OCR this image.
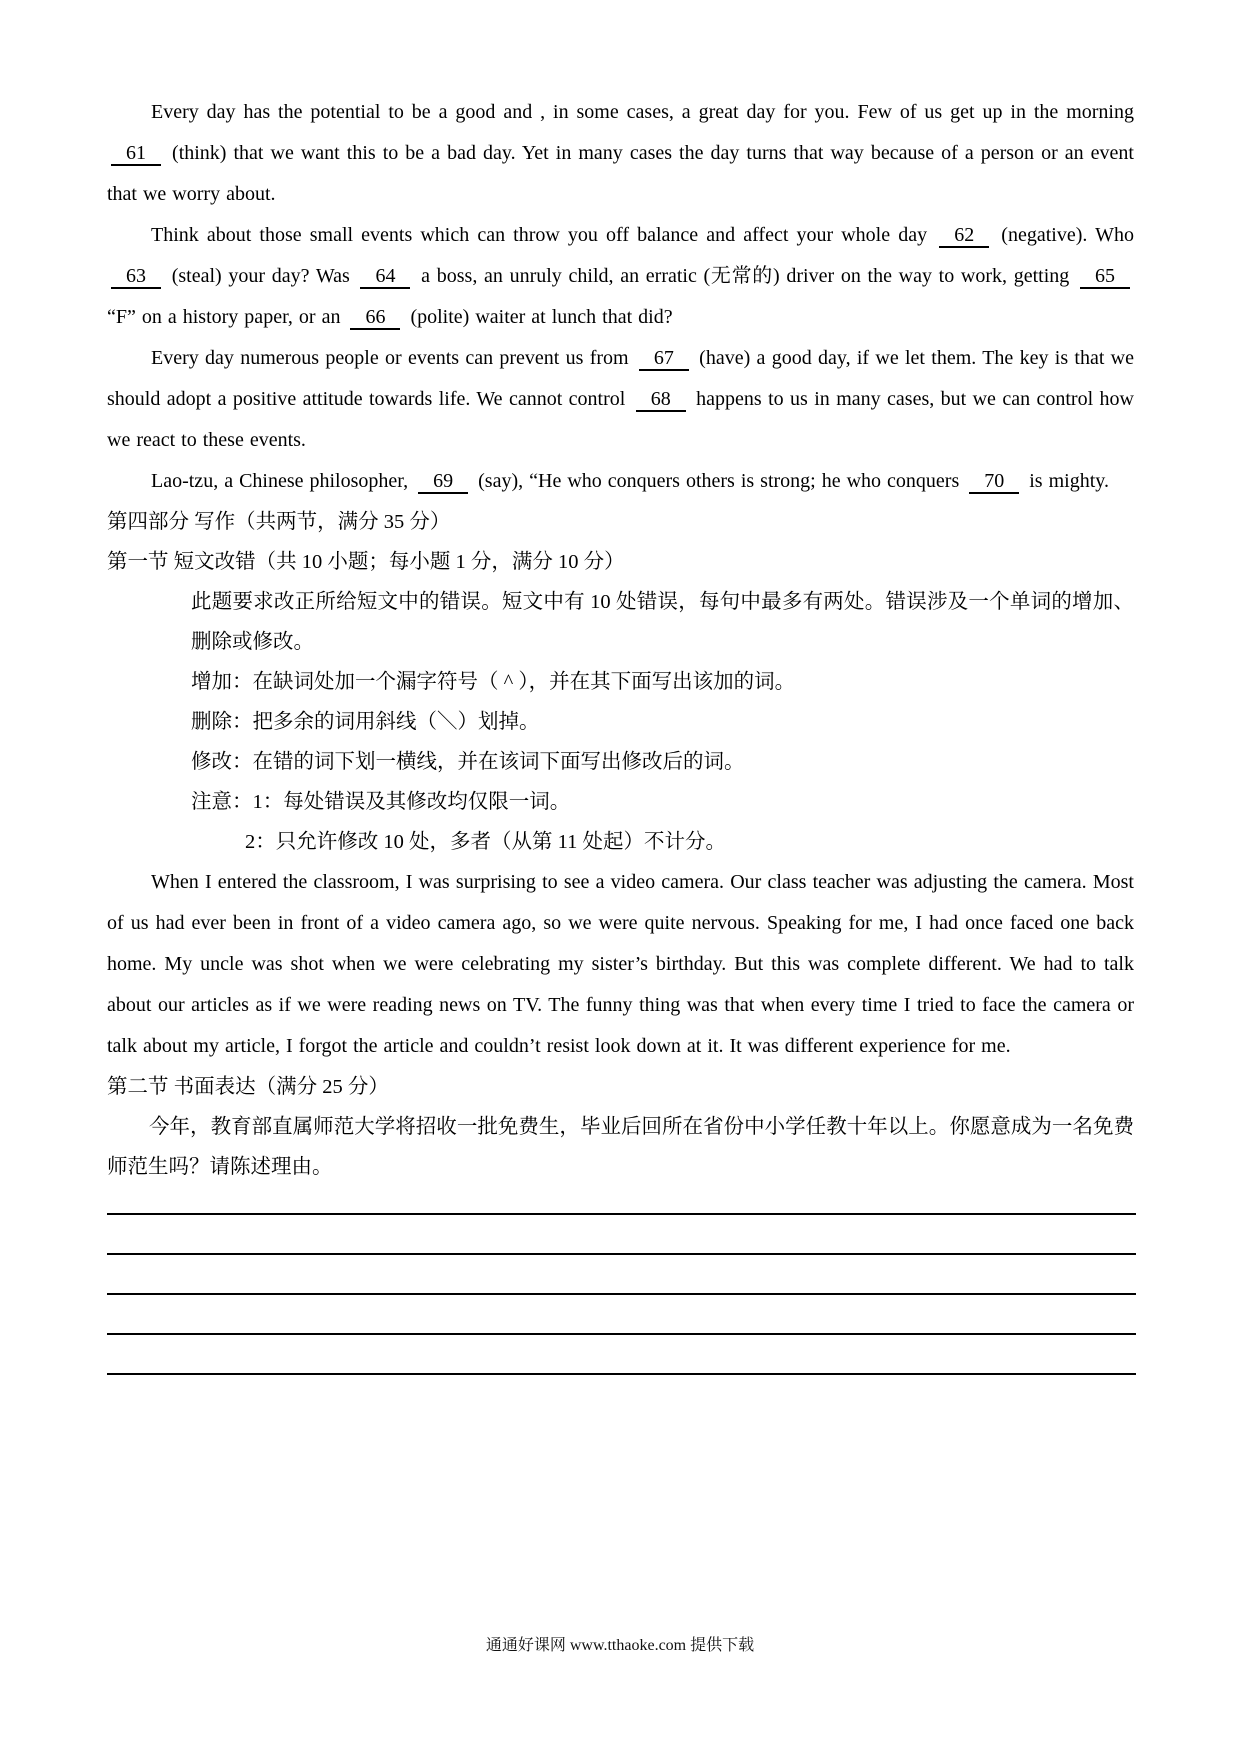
Every day has the potential to be a good and , in some cases, a great day for you. Few of us get up in the morning 61 (think) that we want this to be a bad day. Yet in many cases the day turns that way because of a person or an event that we worry about.

Think about those small events which can throw you off balance and affect your whole day 62 (negative). Who 63 (steal) your day? Was 64 a boss, an unruly child, an erratic (无常的) driver on the way to work, getting 65 “F” on a history paper, or an 66 (polite) waiter at lunch that did?

Every day numerous people or events can prevent us from 67 (have) a good day, if we let them. The key is that we should adopt a positive attitude towards life. We cannot control 68 happens to us in many cases, but we can control how we react to these events.

Lao-tzu, a Chinese philosopher, 69 (say), “He who conquers others is strong; he who conquers 70 is mighty.

第四部分 写作（共两节，满分 35 分）

第一节 短文改错（共 10 小题；每小题 1 分，满分 10 分）

此题要求改正所给短文中的错误。短文中有 10 处错误，每句中最多有两处。错误涉及一个单词的增加、删除或修改。

增加：在缺词处加一个漏字符号（ ^ ），并在其下面写出该加的词。

删除：把多余的词用斜线（＼）划掉。

修改：在错的词下划一横线，并在该词下面写出修改后的词。

注意：1：每处错误及其修改均仅限一词。

2：只允许修改 10 处，多者（从第 11 处起）不计分。

When I entered the classroom, I was surprising to see a video camera. Our class teacher was adjusting the camera. Most of us had ever been in front of a video camera ago, so we were quite nervous. Speaking for me, I had once faced one back home. My uncle was shot when we were celebrating my sister’s birthday. But this was complete different. We had to talk about our articles as if we were reading news on TV. The funny thing was that when every time I tried to face the camera or talk about my article, I forgot the article and couldn’t resist look down at it. It was different experience for me.

第二节 书面表达（满分 25 分）

今年，教育部直属师范大学将招收一批免费生，毕业后回所在省份中小学任教十年以上。你愿意成为一名免费师范生吗？请陈述理由。

通通好课网 www.tthaoke.com 提供下载
